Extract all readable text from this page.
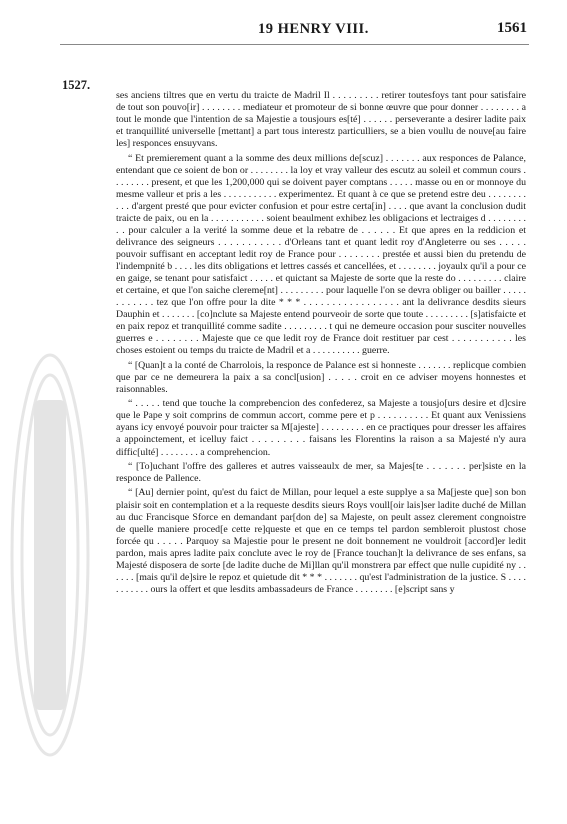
19 HENRY VIII.	1561
1527.

ses anciens tiltres que en vertu du traicte de Madril Il . . . . . . . . . retirer toutesfoys tant pour satisfaire de tout son pouvo[ir] . . . . . . . . mediateur et promoteur de si bonne œuvre que pour donner . . . . . . . . a tout le monde que l'intention de sa Majestie a tousjours es[té] . . . . . . perseverante a desirer ladite paix et tranquillité universelle [mettant] a part tous interestz particulliers, se a bien voullu de nouve[au faire les] responces ensuyvans.

“ Et premierement quant a la somme des deux millions de[scuz] . . . . . . . aux responces de Palance, entendant que ce soient de bon or . . . . . . . . la loy et vray valleur des escutz au soleil et commun cours . . . . . . . . present, et que les 1,200,000 qui se doivent payer comptans . . . . . masse ou en or monnoye du mesme valleur et pris a les . . . . . . . . . . . experimentez. Et quant à ce que se pretend estre deu . . . . . . . . . . . d'argent presté que pour evicter confusion et pour estre certa[in] . . . . que avant la conclusion dudit traicte de paix, ou en la . . . . . . . . . . . soient beaulment exhibez les obligacions et lectraiges d . . . . . . . . . . pour calculer a la verité la somme deue et la rebatre de . . . . . . Et que apres en la reddicion et delivrance des seigneurs . . . . . . . . . . . d'Orleans tant et quant ledit roy d'Angleterre ou ses . . . . . pouvoir suffisant en acceptant ledit roy de France pour . . . . . . . . prestée et aussi bien du pretendu de l'indempnité b . . . . les dits obligations et lettres cassés et cancellées, et . . . . . . . . joyaulx qu'il a pour ce en gaige, se tenant pour satisfaict . . . . . et quictant sa Majeste de sorte que la reste do . . . . . . . . . claire et certaine, et que l'on saiche clereme[nt] . . . . . . . . . pour laquelle l'on se devra obliger ou bailler . . . . . . . . . . . . tez que l'on offre pour la dite * * * . . . . . . . . . . . . . . . . . ant la delivrance desdits sieurs Dauphin et . . . . . . . [co]nclute sa Majeste entend pourveoir de sorte que toute . . . . . . . . . [s]atisfaicte et en paix repoz et tranquillité comme sadite . . . . . . . . . t qui ne demeure occasion pour susciter nouvelles guerres e . . . . . . . . Majeste que ce que ledit roy de France doit restituer par cest . . . . . . . . . . . les choses estoient ou temps du traicte de Madril et a . . . . . . . . . . guerre.

“ [Quan]t a la conté de Charrolois, la responce de Palance est si honneste . . . . . . . replicque combien que par ce ne demeurera la paix a sa concl[usion] . . . . . croit en ce adviser moyens honnestes et raisonnables.

“ . . . . . tend que touche la comprebencion des confederez, sa Majeste a tousjo[urs desire et d]csire que le Pape y soit comprins de commun accort, comme pere et p . . . . . . . . . . Et quant aux Venissiens ayans icy envoyé pouvoir pour traicter sa M[ajeste] . . . . . . . . . en ce practiques pour dresser les affaires a appoinctement, et icelluy faict . . . . . . . . . faisans les Florentins la raison a sa Majesté n'y aura diffic[ulté] . . . . . . . . a comprehencion.

“ [To]uchant l'offre des galleres et autres vaisseaulx de mer, sa Majes[te . . . . . . . per]siste en la responce de Pallence.

“ [Au] dernier point, qu'est du faict de Millan, pour lequel a este supplye a sa Ma[jeste que] son bon plaisir soit en contemplation et a la requeste desdits sieurs Roys voull[oir lais]ser ladite duché de Millan au duc Francisque Sforce en demandant par[don de] sa Majeste, on peult assez clerement congnoistre de quelle maniere proced[e cette re]queste et que en ce temps tel pardon sembleroit plustost chose forcée qu . . . . . Parquoy sa Majestie pour le present ne doit bonnement ne vouldroit [accord]er ledit pardon, mais apres ladite paix conclute avec le roy de [France touchan]t la delivrance de ses enfans, sa Majesté disposera de sorte [de ladite duche de Mi]llan qu'il monstrera par effect que nulle cupidité ny . . . . . . [mais qu'il de]sire le repoz et quietude dit * * * . . . . . . . qu'est l'administration de la justice. S . . . . . . . . . . . ours la offert et que lesdits ambassadeurs de France . . . . . . . . [e]script sans y
